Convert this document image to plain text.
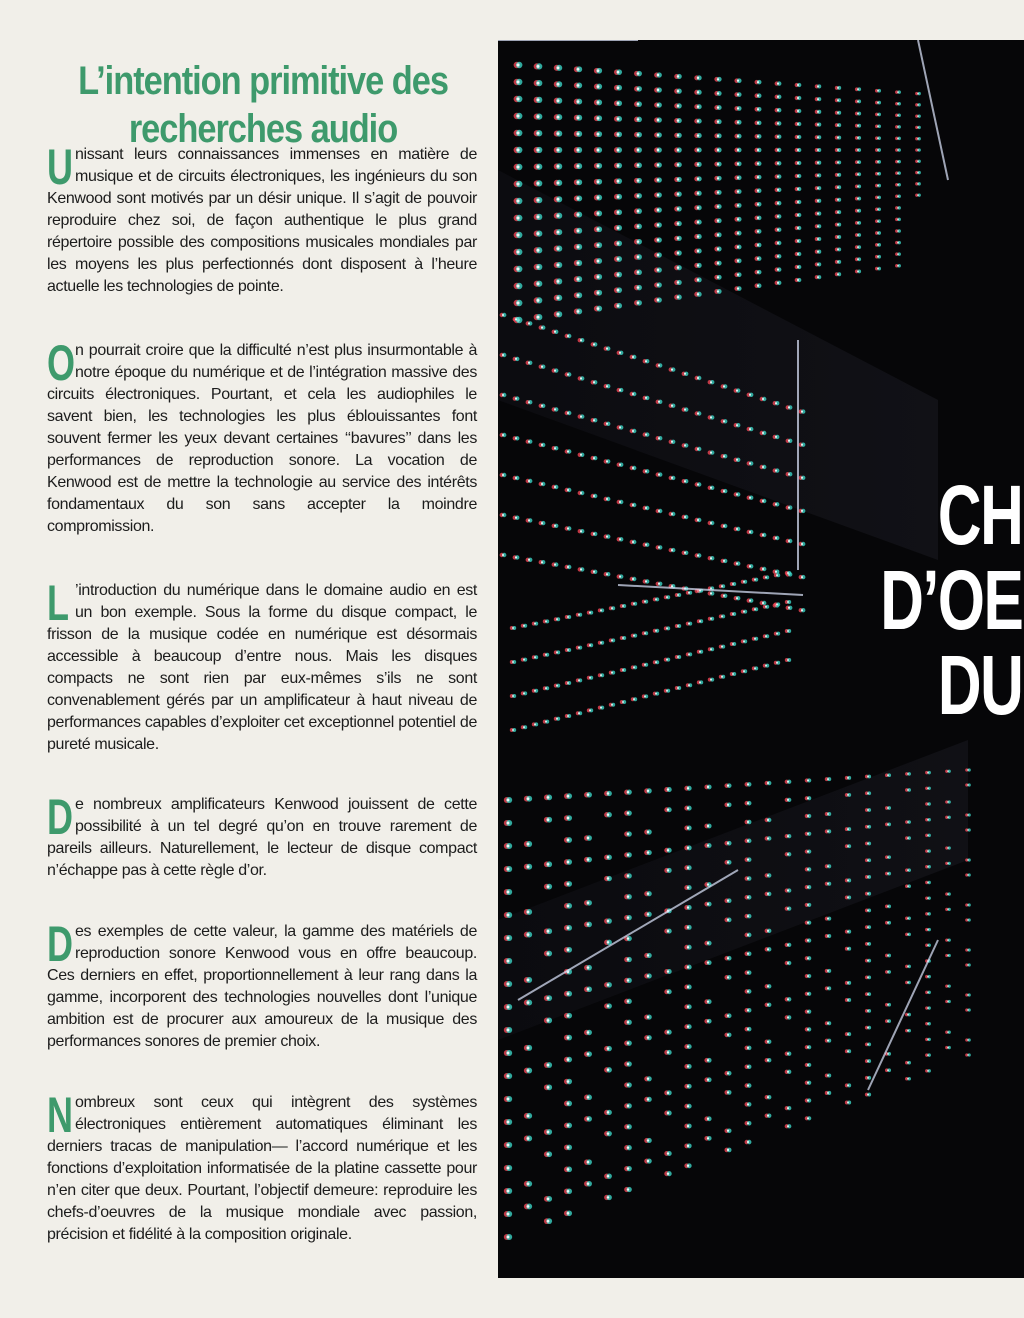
L’intention primitive des
recherches audio

Unissant leurs connaissances immenses en matière de musique et de circuits électroniques, les ingénieurs du son Kenwood sont motivés par un désir unique. Il s’agit de pouvoir reproduire chez soi, de façon authentique le plus grand répertoire possible des compositions musicales mondiales par les moyens les plus perfectionnés dont disposent à l’heure actuelle les technologies de pointe.

On pourrait croire que la difficulté n’est plus insurmontable à notre époque du numérique et de l’intégration massive des circuits électroniques. Pourtant, et cela les audiophiles le savent bien, les technologies les plus éblouissantes font souvent fermer les yeux devant certaines ‘‘bavures’’ dans les performances de reproduction sonore. La vocation de Kenwood est de mettre la technologie au service des intérêts fondamentaux du son sans accepter la moindre compromission.

L ’introduction du numérique dans le domaine audio en est un bon exemple. Sous la forme du disque compact, le frisson de la musique codée en numérique est désormais accessible à beaucoup d’entre nous. Mais les disques compacts ne sont rien par eux-mêmes s’ils ne sont convenablement gérés par un amplificateur à haut niveau de performances capables d’exploiter cet exceptionnel potentiel de pureté musicale.

De nombreux amplificateurs Kenwood jouissent de cette possibilité à un tel degré qu’on en trouve rarement de pareils ailleurs. Naturellement, le lecteur de disque compact n’échappe pas à cette règle d’or.

Des exemples de cette valeur, la gamme des matériels de reproduction sonore Kenwood vous en offre beaucoup. Ces derniers en effet, proportionnellement à leur rang dans la gamme, incorporent des technologies nouvelles dont l’unique ambition est de procurer aux amoureux de la musique des performances sonores de premier choix.

Nombreux sont ceux qui intègrent des systèmes électroniques entièrement automatiques éliminant les derniers tracas de manipulation— l’accord numérique et les fonctions d’exploitation informatisée de la platine cassette pour n’en citer que deux. Pourtant, l’objectif demeure: reproduire les chefs-d’oeuvres de la musique mondiale avec passion, précision et fidélité à la composition originale.

CH
D’OE
DU
